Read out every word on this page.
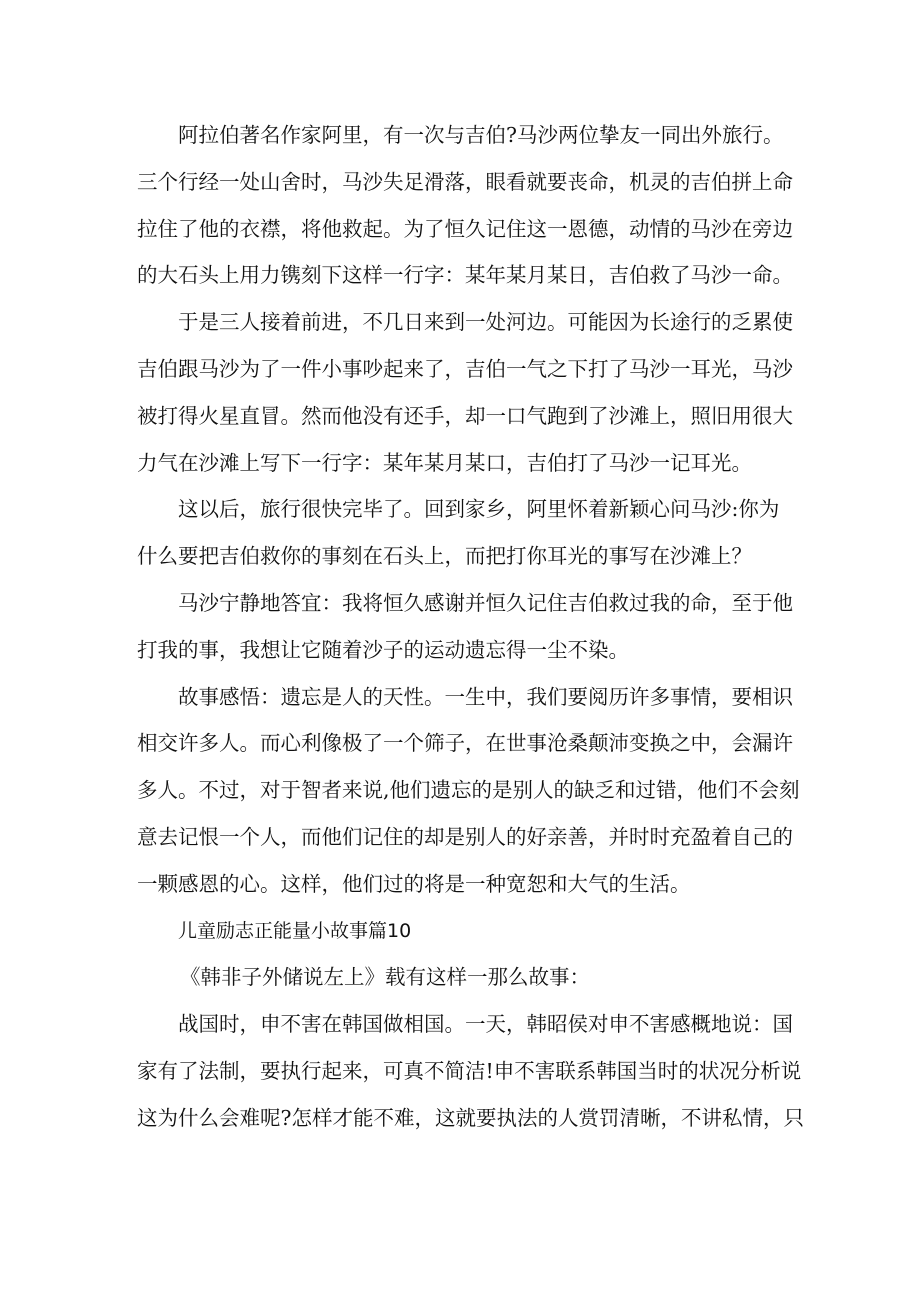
阿拉伯著名作家阿里，有一次与吉伯?马沙两位挚友一同出外旅行。
三个行经一处山舍时，马沙失足滑落，眼看就要丧命，机灵的吉伯拼上命
拉住了他的衣襟，将他救起。为了恒久记住这一恩德，动情的马沙在旁边
的大石头上用力镌刻下这样一行字：某年某月某日，吉伯救了马沙一命。
于是三人接着前进，不几日来到一处河边。可能因为长途行的乏累使
吉伯跟马沙为了一件小事吵起来了，吉伯一气之下打了马沙一耳光，马沙
被打得火星直冒。然而他没有还手，却一口气跑到了沙滩上，照旧用很大
力气在沙滩上写下一行字：某年某月某口，吉伯打了马沙一记耳光。
这以后，旅行很快完毕了。回到家乡，阿里怀着新颖心问马沙:你为
什么要把吉伯救你的事刻在石头上，而把打你耳光的事写在沙滩上？
马沙宁静地答宜：我将恒久感谢并恒久记住吉伯救过我的命，至于他
打我的事，我想让它随着沙子的运动遗忘得一尘不染。
故事感悟：遗忘是人的天性。一生中，我们要阅历许多事情，要相识
相交许多人。而心利像极了一个筛子，在世事沧桑颠沛变换之中，会漏许
多人。不过，对于智者来说,他们遗忘的是别人的缺乏和过错，他们不会刻
意去记恨一个人，而他们记住的却是别人的好亲善，并时时充盈着自己的
一颗感恩的心。这样，他们过的将是一种宽恕和大气的生活。
儿童励志正能量小故事篇10
《韩非子外储说左上》载有这样一那么故事：
战国时，申不害在韩国做相国。一天，韩昭侯对申不害感概地说：国
家有了法制，要执行起来，可真不简洁!申不害联系韩国当时的状况分析说
这为什么会难呢?怎样才能不难，这就要执法的人赏罚清晰，不讲私情，只
